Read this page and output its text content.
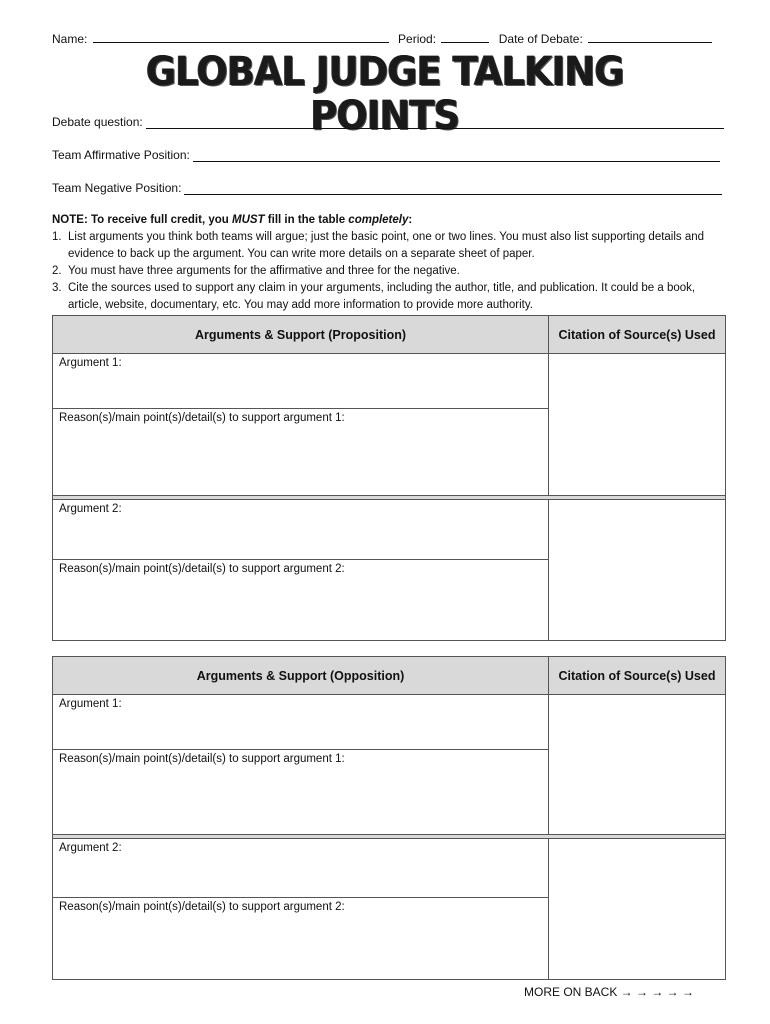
Name:	Period:	Date of Debate:
GLOBAL JUDGE TALKING POINTS
Debate question:
Team Affirmative Position:
Team Negative Position:
NOTE: To receive full credit, you MUST fill in the table completely:
1. List arguments you think both teams will argue; just the basic point, one or two lines. You must also list supporting details and evidence to back up the argument. You can write more details on a separate sheet of paper.
2. You must have three arguments for the affirmative and three for the negative.
3. Cite the sources used to support any claim in your arguments, including the author, title, and publication. It could be a book, article, website, documentary, etc. You may add more information to provide more authority.
Arguments & Support (Proposition)	Citation of Source(s) Used
Argument 1:
Reason(s)/main point(s)/detail(s) to support argument 1:
Argument 2:
Reason(s)/main point(s)/detail(s) to support argument 2:
Arguments & Support (Opposition)	Citation of Source(s) Used
Argument 1:
Reason(s)/main point(s)/detail(s) to support argument 1:
Argument 2:
Reason(s)/main point(s)/detail(s) to support argument 2:
MORE ON BACK → → → → →
